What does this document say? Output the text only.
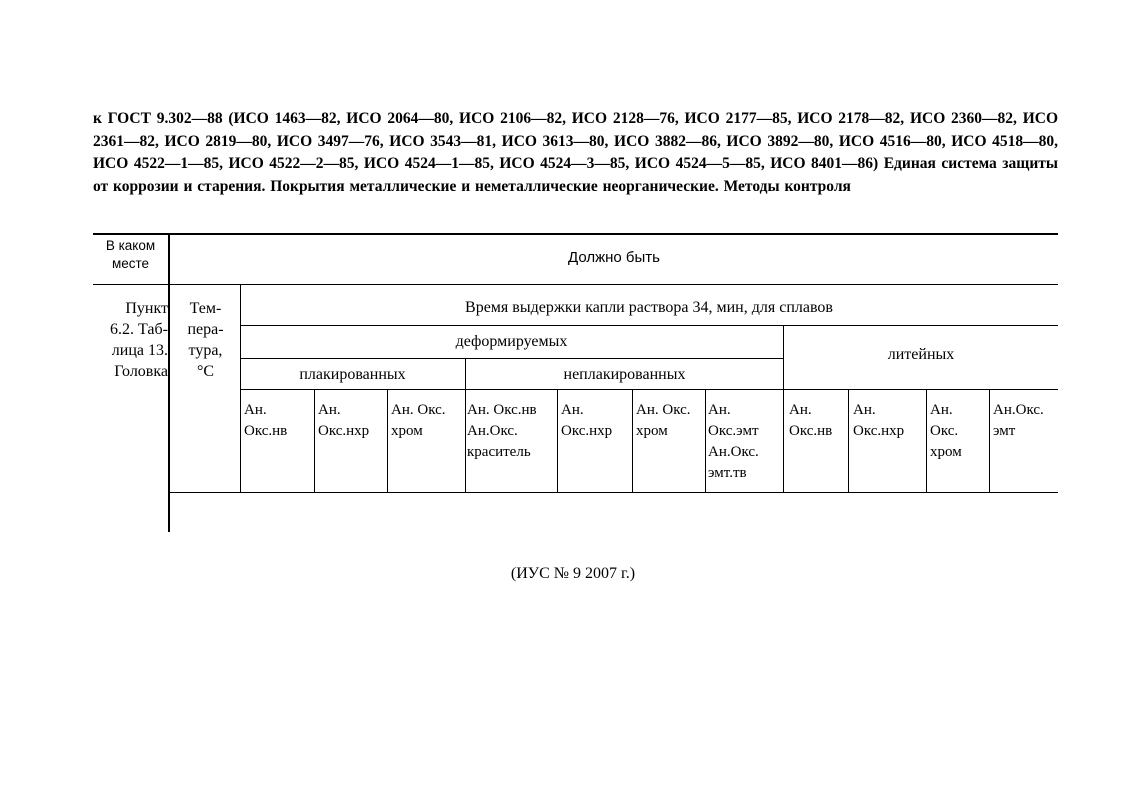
к ГОСТ 9.302—88 (ИСО 1463—82, ИСО 2064—80, ИСО 2106—82, ИСО 2128—76, ИСО 2177—85, ИСО 2178—82, ИСО 2360—82, ИСО 2361—82, ИСО 2819—80, ИСО 3497—76, ИСО 3543—81, ИСО 3613—80, ИСО 3882—86, ИСО 3892—80, ИСО 4516—80, ИСО 4518—80, ИСО 4522—1—85, ИСО 4522—2—85, ИСО 4524—1—85, ИСО 4524—3—85, ИСО 4524—5—85, ИСО 8401—86) Единая система защиты от коррозии и старения. Покрытия металлические и неметаллические неорганические. Методы контроля
В каком
месте	Должно быть
Пункт
6.2. Таб-
лица 13.
Головка
Тем-
пера-
тура,
°С
Время выдержки капли раствора 34, мин, для сплавов
деформируемых
литейных
плакированных	неплакированных
Ан.
Окс.нв
Ан.
Окс.нхр
Ан. Окс.
хром
Ан. Окс.нв
Ан.Окс.
краситель
Ан.
Окс.нхр
Ан. Окс.
хром
Ан.
Окс.эмт
Ан.Окс.
эмт.тв
Ан.
Окс.нв
Ан.
Окс.нхр
Ан.
Окс.
хром
Ан.Окс.
эмт
(ИУС № 9 2007 г.)
